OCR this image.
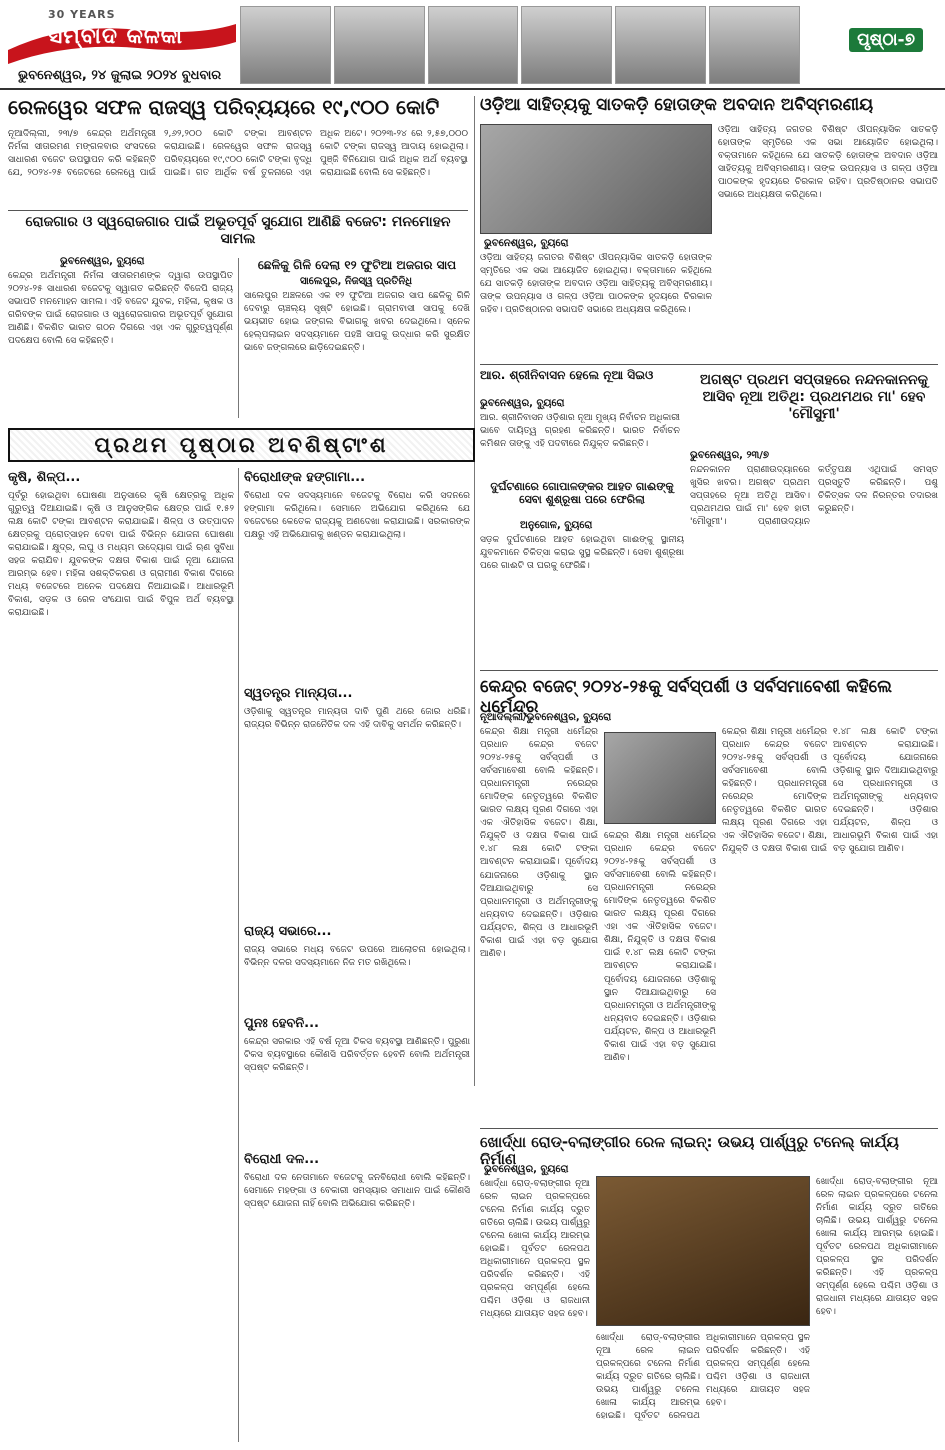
30 YEARS
ସମ୍ବାଦ କଳିକା
ଭୁବନେଶ୍ୱର, ୨୪ ଜୁଲାଇ ୨୦୨୪ ବୁଧବାର
ପୃଷ୍ଠା-୭
ରେଳୱେର ସଫଳ ରାଜସ୍ୱ ପରିବ୍ୟୟରେ ୧୯,୯୦୦ କୋଟି
ନୂଆଦିଲ୍ଲୀ, ୨୩/୭ କେନ୍ଦ୍ର ଅର୍ଥମନ୍ତ୍ରୀ ନିର୍ମଳା ସୀତାରମଣ ମଙ୍ଗଳବାର ସଂସଦରେ ସାଧାରଣ ବଜେଟ ଉପସ୍ଥାପନ କରି କହିଛନ୍ତି ଯେ, ୨୦୨୪-୨୫ ବଜେଟରେ ରେଳୱେ ପାଇଁ ୨,୬୨,୨୦୦ କୋଟି ଟଙ୍କା ଆବଣ୍ଟନ କରାଯାଇଛି। ରେଳୱେର ସଫଳ ରାଜସ୍ୱ ପରିବ୍ୟୟରେ ୧୯,୯୦୦ କୋଟି ଟଙ୍କା ବୃଦ୍ଧି ପାଇଛି। ଗତ ଆର୍ଥିକ ବର୍ଷ ତୁଳନାରେ ଏହା ଅଧିକ ଅଟେ। ୨୦୨୩-୨୪ ରେ ୨,୫୭,୦୦୦ କୋଟି ଟଙ୍କା ରାଜସ୍ୱ ଆଦାୟ ହୋଇଥିଲା। ପୁଞ୍ଜି ବିନିଯୋଗ ପାଇଁ ଅଧିକ ଅର୍ଥ ବ୍ୟବସ୍ଥା କରାଯାଇଛି ବୋଲି ସେ କହିଛନ୍ତି।
ରୋଜଗାର ଓ ସ୍ୱରୋଜଗାର ପାଇଁ ଅଭୂତପୂର୍ବ ସୁଯୋଗ ଆଣିଛି ବଜେଟ: ମନମୋହନ ସାମଲ
ଭୁବନେଶ୍ୱର, ବ୍ୟୁରୋ
କେନ୍ଦ୍ର ଅର୍ଥମନ୍ତ୍ରୀ ନିର୍ମଳା ସୀତାରମଣଙ୍କ ଦ୍ୱାରା ଉପସ୍ଥାପିତ ୨୦୨୪-୨୫ ସାଧାରଣ ବଜେଟକୁ ସ୍ୱାଗତ କରିଛନ୍ତି ବିଜେପି ରାଜ୍ୟ ସଭାପତି ମନମୋହନ ସାମଲ। ଏହି ବଜେଟ ଯୁବକ, ମହିଳା, କୃଷକ ଓ ଗରିବଙ୍କ ପାଇଁ ରୋଜଗାର ଓ ସ୍ୱରୋଜଗାରର ଅଭୂତପୂର୍ବ ସୁଯୋଗ ଆଣିଛି। ବିକଶିତ ଭାରତ ଗଠନ ଦିଗରେ ଏହା ଏକ ଗୁରୁତ୍ୱପୂର୍ଣ୍ଣ ପଦକ୍ଷେପ ବୋଲି ସେ କହିଛନ୍ତି।
ଛେଳିକୁ ଗିଳି ଦେଲା ୧୨ ଫୁଟିଆ ଅଜଗର ସାପ
ସାଲେପୁର, ନିଜସ୍ୱ ପ୍ରତିନିଧି
ସାଲେପୁର ଅଞ୍ଚଳରେ ଏକ ୧୨ ଫୁଟିଆ ଅଜଗର ସାପ ଛେଳିକୁ ଗିଳି ଦେବାରୁ ଚାଞ୍ଚଲ୍ୟ ସୃଷ୍ଟି ହୋଇଛି। ଗ୍ରାମବାସୀ ସାପକୁ ଦେଖି ଭୟଭୀତ ହୋଇ ଜଙ୍ଗଲ ବିଭାଗକୁ ଖବର ଦେଇଥିଲେ। ସ୍ନେକ ହେଲ୍ପଲାଇନ ସଦସ୍ୟମାନେ ପହଞ୍ଚି ସାପକୁ ଉଦ୍ଧାର କରି ସୁରକ୍ଷିତ ଭାବେ ଜଙ୍ଗଲରେ ଛାଡ଼ିଦେଇଛନ୍ତି।
ଓଡ଼ିଆ ସାହିତ୍ୟକୁ ସାତକଡ଼ି ହୋତାଙ୍କ ଅବଦାନ ଅବିସ୍ମରଣୀୟ
ଭୁବନେଶ୍ୱର, ବ୍ୟୁରୋ
ଓଡ଼ିଆ ସାହିତ୍ୟ ଜଗତର ବିଶିଷ୍ଟ ଔପନ୍ୟାସିକ ସାତକଡ଼ି ହୋତାଙ୍କ ସ୍ମୃତିରେ ଏକ ସଭା ଆୟୋଜିତ ହୋଇଥିଲା। ବକ୍ତାମାନେ କହିଥିଲେ ଯେ ସାତକଡ଼ି ହୋତାଙ୍କ ଅବଦାନ ଓଡ଼ିଆ ସାହିତ୍ୟକୁ ଅବିସ୍ମରଣୀୟ। ତାଙ୍କ ଉପନ୍ୟାସ ଓ ଗଳ୍ପ ଓଡ଼ିଆ ପାଠକଙ୍କ ହୃଦୟରେ ଚିରକାଳ ରହିବ। ପ୍ରତିଷ୍ଠାନର ସଭାପତି ସଭାରେ ଅଧ୍ୟକ୍ଷତା କରିଥିଲେ।
ଓଡ଼ିଆ ସାହିତ୍ୟ ଜଗତର ବିଶିଷ୍ଟ ଔପନ୍ୟାସିକ ସାତକଡ଼ି ହୋତାଙ୍କ ସ୍ମୃତିରେ ଏକ ସଭା ଆୟୋଜିତ ହୋଇଥିଲା। ବକ୍ତାମାନେ କହିଥିଲେ ଯେ ସାତକଡ଼ି ହୋତାଙ୍କ ଅବଦାନ ଓଡ଼ିଆ ସାହିତ୍ୟକୁ ଅବିସ୍ମରଣୀୟ। ତାଙ୍କ ଉପନ୍ୟାସ ଓ ଗଳ୍ପ ଓଡ଼ିଆ ପାଠକଙ୍କ ହୃଦୟରେ ଚିରକାଳ ରହିବ। ପ୍ରତିଷ୍ଠାନର ସଭାପତି ସଭାରେ ଅଧ୍ୟକ୍ଷତା କରିଥିଲେ।
ଆର. ଶ୍ରୀନିବାସନ ହେଲେ ନୂଆ ସିଇଓ
ଭୁବନେଶ୍ୱର, ବ୍ୟୁରୋ
ଆର. ଶ୍ରୀନିବାସନ ଓଡ଼ିଶାର ନୂଆ ମୁଖ୍ୟ ନିର୍ବାଚନ ଅଧିକାରୀ ଭାବେ ଦାୟିତ୍ୱ ଗ୍ରହଣ କରିଛନ୍ତି। ଭାରତ ନିର୍ବାଚନ କମିଶନ ତାଙ୍କୁ ଏହି ପଦବୀରେ ନିଯୁକ୍ତ କରିଛନ୍ତି।
ଅଗଷ୍ଟ ପ୍ରଥମ ସପ୍ତାହରେ ନନ୍ଦନକାନନକୁ ଆସିବ ନୂଆ ଅତିଥି: ପ୍ରଥମଥର ମା' ହେବ 'ମୌସୁମୀ'
ଭୁବନେଶ୍ୱର, ୨୩/୭
ନନ୍ଦନକାନନ ପ୍ରାଣୀଉଦ୍ୟାନରେ ଖୁସିର ଖବର। ଅଗଷ୍ଟ ପ୍ରଥମ ସପ୍ତାହରେ ନୂଆ ଅତିଥି ଆସିବ। ପ୍ରଥମଥର ପାଇଁ ମା' ହେବ ହାତୀ 'ମୌସୁମୀ'। ପ୍ରାଣୀଉଦ୍ୟାନ କର୍ତ୍ତୃପକ୍ଷ ଏଥିପାଇଁ ସମସ୍ତ ପ୍ରସ୍ତୁତି କରିଛନ୍ତି। ପଶୁ ଚିକିତ୍ସକ ଦଳ ନିରନ୍ତର ତଦାରଖ କରୁଛନ୍ତି।
ଦୁର୍ଘଟଣାରେ ଗୋପାଳଙ୍କର ଆହତ ଗାଈଙ୍କୁ ସେବା ଶୁଶ୍ରୂଷା ପରେ ଫେରିଲା
ଅନୁଗୋଳ, ବ୍ୟୁରୋ
ସଡ଼କ ଦୁର୍ଘଟଣାରେ ଆହତ ହୋଇଥିବା ଗାଈଙ୍କୁ ସ୍ଥାନୀୟ ଯୁବକମାନେ ଚିକିତ୍ସା କରାଇ ସୁସ୍ଥ କରିଛନ୍ତି। ସେବା ଶୁଶ୍ରୂଷା ପରେ ଗାଈଟି ତା ଘରକୁ ଫେରିଛି।
ପ୍ରଥମ ପୃଷ୍ଠାର ଅବଶିଷ୍ଟାଂଶ
କୃଷି, ଶିଳ୍ପ...
ପୂର୍ବରୁ ହୋଇଥିବା ଘୋଷଣା ଅନୁସାରେ କୃଷି କ୍ଷେତ୍ରକୁ ଅଧିକ ଗୁରୁତ୍ୱ ଦିଆଯାଇଛି। କୃଷି ଓ ଆନୁସଙ୍ଗିକ କ୍ଷେତ୍ର ପାଇଁ ୧.୫୨ ଲକ୍ଷ କୋଟି ଟଙ୍କା ଆବଣ୍ଟନ କରାଯାଇଛି। ଶିଳ୍ପ ଓ ଉତ୍ପାଦନ କ୍ଷେତ୍ରକୁ ପ୍ରୋତ୍ସାହନ ଦେବା ପାଇଁ ବିଭିନ୍ନ ଯୋଜନା ଘୋଷଣା କରାଯାଇଛି। କ୍ଷୁଦ୍ର, ଲଘୁ ଓ ମଧ୍ୟମ ଉଦ୍ୟୋଗ ପାଇଁ ଋଣ ସୁବିଧା ସହଜ କରାଯିବ। ଯୁବକଙ୍କ ଦକ୍ଷତା ବିକାଶ ପାଇଁ ନୂଆ ଯୋଜନା ଆରମ୍ଭ ହେବ। ମହିଳା ସଶକ୍ତିକରଣ ଓ ଗ୍ରାମୀଣ ବିକାଶ ଦିଗରେ ମଧ୍ୟ ବଜେଟରେ ଅନେକ ପଦକ୍ଷେପ ନିଆଯାଇଛି। ଆଧାରଭୂମି ବିକାଶ, ସଡ଼କ ଓ ରେଳ ସଂଯୋଗ ପାଇଁ ବିପୁଳ ଅର୍ଥ ବ୍ୟବସ୍ଥା କରାଯାଇଛି।
ବିରୋଧୀଙ୍କ ହଙ୍ଗାମା...
ବିରୋଧୀ ଦଳ ସଦସ୍ୟମାନେ ବଜେଟକୁ ବିରୋଧ କରି ସଦନରେ ହଙ୍ଗାମା କରିଥିଲେ। ସେମାନେ ଅଭିଯୋଗ କରିଥିଲେ ଯେ ବଜେଟରେ କେତେକ ରାଜ୍ୟକୁ ଅଣଦେଖା କରାଯାଇଛି। ସରକାରଙ୍କ ପକ୍ଷରୁ ଏହି ଅଭିଯୋଗକୁ ଖଣ୍ଡନ କରାଯାଇଥିଲା।
ସ୍ୱତନ୍ତ୍ର ମାନ୍ୟତା...
ଓଡ଼ିଶାକୁ ସ୍ୱତନ୍ତ୍ର ମାନ୍ୟତା ଦାବି ପୁଣି ଥରେ ଜୋର ଧରିଛି। ରାଜ୍ୟର ବିଭିନ୍ନ ରାଜନୈତିକ ଦଳ ଏହି ଦାବିକୁ ସମର୍ଥନ କରିଛନ୍ତି।
ରାଜ୍ୟ ସଭାରେ...
ରାଜ୍ୟ ସଭାରେ ମଧ୍ୟ ବଜେଟ ଉପରେ ଆଲୋଚନା ହୋଇଥିଲା। ବିଭିନ୍ନ ଦଳର ସଦସ୍ୟମାନେ ନିଜ ମତ ରଖିଥିଲେ।
ପୁନଃ ହେବନି...
କେନ୍ଦ୍ର ସରକାର ଏହି ବର୍ଷ ନୂଆ ଟିକସ ବ୍ୟବସ୍ଥା ଆଣିଛନ୍ତି। ପୁରୁଣା ଟିକସ ବ୍ୟବସ୍ଥାରେ କୌଣସି ପରିବର୍ତ୍ତନ ହେବନି ବୋଲି ଅର୍ଥମନ୍ତ୍ରୀ ସ୍ପଷ୍ଟ କରିଛନ୍ତି।
ବିରୋଧୀ ଦଳ...
ବିରୋଧୀ ଦଳ ନେତାମାନେ ବଜେଟକୁ ଜନବିରୋଧୀ ବୋଲି କହିଛନ୍ତି। ସେମାନେ ମହଙ୍ଗା ଓ ବେକାରୀ ସମସ୍ୟାର ସମାଧାନ ପାଇଁ କୌଣସି ସ୍ପଷ୍ଟ ଯୋଜନା ନାହିଁ ବୋଲି ଅଭିଯୋଗ କରିଛନ୍ତି।
କେନ୍ଦ୍ର ବଜେଟ୍ ୨୦୨୪-୨୫କୁ ସର୍ବସ୍ପର୍ଶୀ ଓ ସର୍ବସମାବେଶୀ କହିଲେ ଧର୍ମେନ୍ଦ୍ର
ନୂଆଦିଲ୍ଲୀ/ଭୁବନେଶ୍ୱର, ବ୍ୟୁରୋ
କେନ୍ଦ୍ର ଶିକ୍ଷା ମନ୍ତ୍ରୀ ଧର୍ମେନ୍ଦ୍ର ପ୍ରଧାନ କେନ୍ଦ୍ର ବଜେଟ ୨୦୨୪-୨୫କୁ ସର୍ବସ୍ପର୍ଶୀ ଓ ସର୍ବସମାବେଶୀ ବୋଲି କହିଛନ୍ତି। ପ୍ରଧାନମନ୍ତ୍ରୀ ନରେନ୍ଦ୍ର ମୋଦିଙ୍କ ନେତୃତ୍ୱରେ ବିକଶିତ ଭାରତ ଲକ୍ଷ୍ୟ ପୂରଣ ଦିଗରେ ଏହା ଏକ ଐତିହାସିକ ବଜେଟ। ଶିକ୍ଷା, ନିଯୁକ୍ତି ଓ ଦକ୍ଷତା ବିକାଶ ପାଇଁ ୧.୪୮ ଲକ୍ଷ କୋଟି ଟଙ୍କା ଆବଣ୍ଟନ କରାଯାଇଛି। ପୂର୍ବୋଦୟ ଯୋଜନାରେ ଓଡ଼ିଶାକୁ ସ୍ଥାନ ଦିଆଯାଇଥିବାରୁ ସେ ପ୍ରଧାନମନ୍ତ୍ରୀ ଓ ଅର୍ଥମନ୍ତ୍ରୀଙ୍କୁ ଧନ୍ୟବାଦ ଦେଇଛନ୍ତି। ଓଡ଼ିଶାର ପର୍ଯ୍ୟଟନ, ଶିଳ୍ପ ଓ ଆଧାରଭୂମି ବିକାଶ ପାଇଁ ଏହା ବଡ଼ ସୁଯୋଗ ଆଣିବ।
କେନ୍ଦ୍ର ଶିକ୍ଷା ମନ୍ତ୍ରୀ ଧର୍ମେନ୍ଦ୍ର ପ୍ରଧାନ କେନ୍ଦ୍ର ବଜେଟ ୨୦୨୪-୨୫କୁ ସର୍ବସ୍ପର୍ଶୀ ଓ ସର୍ବସମାବେଶୀ ବୋଲି କହିଛନ୍ତି। ପ୍ରଧାନମନ୍ତ୍ରୀ ନରେନ୍ଦ୍ର ମୋଦିଙ୍କ ନେତୃତ୍ୱରେ ବିକଶିତ ଭାରତ ଲକ୍ଷ୍ୟ ପୂରଣ ଦିଗରେ ଏହା ଏକ ଐତିହାସିକ ବଜେଟ। ଶିକ୍ଷା, ନିଯୁକ୍ତି ଓ ଦକ୍ଷତା ବିକାଶ ପାଇଁ ୧.୪୮ ଲକ୍ଷ କୋଟି ଟଙ୍କା ଆବଣ୍ଟନ କରାଯାଇଛି। ପୂର୍ବୋଦୟ ଯୋଜନାରେ ଓଡ଼ିଶାକୁ ସ୍ଥାନ ଦିଆଯାଇଥିବାରୁ ସେ ପ୍ରଧାନମନ୍ତ୍ରୀ ଓ ଅର୍ଥମନ୍ତ୍ରୀଙ୍କୁ ଧନ୍ୟବାଦ ଦେଇଛନ୍ତି। ଓଡ଼ିଶାର ପର୍ଯ୍ୟଟନ, ଶିଳ୍ପ ଓ ଆଧାରଭୂମି ବିକାଶ ପାଇଁ ଏହା ବଡ଼ ସୁଯୋଗ ଆଣିବ।
କେନ୍ଦ୍ର ଶିକ୍ଷା ମନ୍ତ୍ରୀ ଧର୍ମେନ୍ଦ୍ର ପ୍ରଧାନ କେନ୍ଦ୍ର ବଜେଟ ୨୦୨୪-୨୫କୁ ସର୍ବସ୍ପର୍ଶୀ ଓ ସର୍ବସମାବେଶୀ ବୋଲି କହିଛନ୍ତି। ପ୍ରଧାନମନ୍ତ୍ରୀ ନରେନ୍ଦ୍ର ମୋଦିଙ୍କ ନେତୃତ୍ୱରେ ବିକଶିତ ଭାରତ ଲକ୍ଷ୍ୟ ପୂରଣ ଦିଗରେ ଏହା ଏକ ଐତିହାସିକ ବଜେଟ। ଶିକ୍ଷା, ନିଯୁକ୍ତି ଓ ଦକ୍ଷତା ବିକାଶ ପାଇଁ ୧.୪୮ ଲକ୍ଷ କୋଟି ଟଙ୍କା ଆବଣ୍ଟନ କରାଯାଇଛି। ପୂର୍ବୋଦୟ ଯୋଜନାରେ ଓଡ଼ିଶାକୁ ସ୍ଥାନ ଦିଆଯାଇଥିବାରୁ ସେ ପ୍ରଧାନମନ୍ତ୍ରୀ ଓ ଅର୍ଥମନ୍ତ୍ରୀଙ୍କୁ ଧନ୍ୟବାଦ ଦେଇଛନ୍ତି। ଓଡ଼ିଶାର ପର୍ଯ୍ୟଟନ, ଶିଳ୍ପ ଓ ଆଧାରଭୂମି ବିକାଶ ପାଇଁ ଏହା ବଡ଼ ସୁଯୋଗ ଆଣିବ।
ଖୋର୍ଦ୍ଧା ରୋଡ୍-ବଲାଙ୍ଗୀର ରେଳ ଲାଇନ୍: ଉଭୟ ପାର୍ଶ୍ୱରୁ ଟନେଲ୍ କାର୍ଯ୍ୟ ନିର୍ମାଣ
ଭୁବନେଶ୍ୱର, ବ୍ୟୁରୋ
ଖୋର୍ଦ୍ଧା ରୋଡ୍-ବଲାଙ୍ଗୀର ନୂଆ ରେଳ ଲାଇନ ପ୍ରକଳ୍ପରେ ଟନେଲ ନିର୍ମାଣ କାର୍ଯ୍ୟ ଦ୍ରୁତ ଗତିରେ ଚାଲିଛି। ଉଭୟ ପାର୍ଶ୍ୱରୁ ଟନେଲ ଖୋଳା କାର୍ଯ୍ୟ ଆରମ୍ଭ ହୋଇଛି। ପୂର୍ବତଟ ରେଳପଥ ଅଧିକାରୀମାନେ ପ୍ରକଳ୍ପ ସ୍ଥଳ ପରିଦର୍ଶନ କରିଛନ୍ତି। ଏହି ପ୍ରକଳ୍ପ ସମ୍ପୂର୍ଣ୍ଣ ହେଲେ ପଶ୍ଚିମ ଓଡ଼ିଶା ଓ ରାଜଧାନୀ ମଧ୍ୟରେ ଯାତାୟତ ସହଜ ହେବ।
ଖୋର୍ଦ୍ଧା ରୋଡ୍-ବଲାଙ୍ଗୀର ନୂଆ ରେଳ ଲାଇନ ପ୍ରକଳ୍ପରେ ଟନେଲ ନିର୍ମାଣ କାର୍ଯ୍ୟ ଦ୍ରୁତ ଗତିରେ ଚାଲିଛି। ଉଭୟ ପାର୍ଶ୍ୱରୁ ଟନେଲ ଖୋଳା କାର୍ଯ୍ୟ ଆରମ୍ଭ ହୋଇଛି। ପୂର୍ବତଟ ରେଳପଥ ଅଧିକାରୀମାନେ ପ୍ରକଳ୍ପ ସ୍ଥଳ ପରିଦର୍ଶନ କରିଛନ୍ତି। ଏହି ପ୍ରକଳ୍ପ ସମ୍ପୂର୍ଣ୍ଣ ହେଲେ ପଶ୍ଚିମ ଓଡ଼ିଶା ଓ ରାଜଧାନୀ ମଧ୍ୟରେ ଯାତାୟତ ସହଜ ହେବ।
ଖୋର୍ଦ୍ଧା ରୋଡ୍-ବଲାଙ୍ଗୀର ନୂଆ ରେଳ ଲାଇନ ପ୍ରକଳ୍ପରେ ଟନେଲ ନିର୍ମାଣ କାର୍ଯ୍ୟ ଦ୍ରୁତ ଗତିରେ ଚାଲିଛି। ଉଭୟ ପାର୍ଶ୍ୱରୁ ଟନେଲ ଖୋଳା କାର୍ଯ୍ୟ ଆରମ୍ଭ ହୋଇଛି। ପୂର୍ବତଟ ରେଳପଥ ଅଧିକାରୀମାନେ ପ୍ରକଳ୍ପ ସ୍ଥଳ ପରିଦର୍ଶନ କରିଛନ୍ତି। ଏହି ପ୍ରକଳ୍ପ ସମ୍ପୂର୍ଣ୍ଣ ହେଲେ ପଶ୍ଚିମ ଓଡ଼ିଶା ଓ ରାଜଧାନୀ ମଧ୍ୟରେ ଯାତାୟତ ସହଜ ହେବ।
